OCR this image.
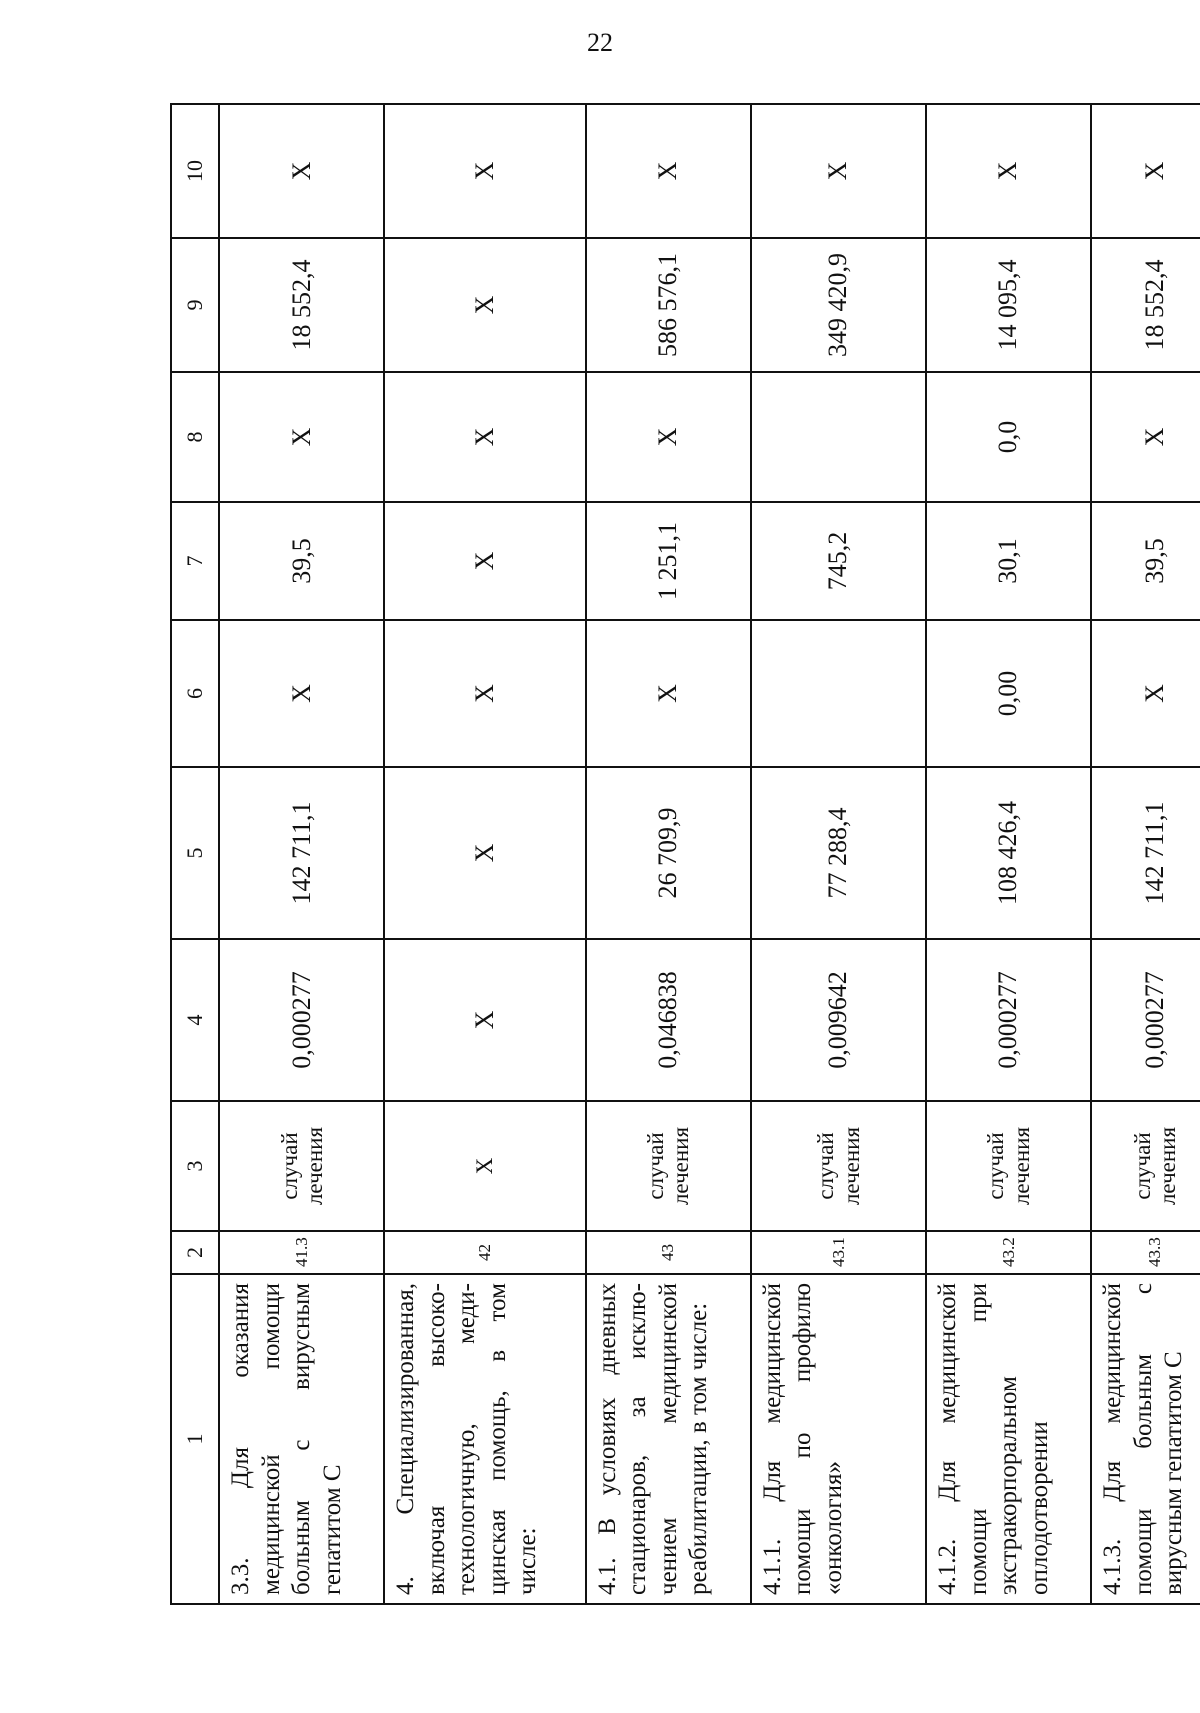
22
1	2	3	4	5	6	7	8	9	10
3.3. Для оказания медицинской помощи больным с вирусным гепатитом С	41.3	случай лечения	0,000277	142 711,1	X	39,5	X	18 552,4	X
4. Специализированная, включая высоко-технологичную, меди-цинская помощь, в том числе:	42	X	X	X	X	X	X	X	X
4.1. В условиях дневных стационаров, за исклю-чением медицинской реабилитации, в том числе:	43	случай лечения	0,046838	26 709,9	X	1 251,1	X	586 576,1	X
4.1.1. Для медицинской помощи по профилю «онкология»	43.1	случай лечения	0,009642	77 288,4		745,2		349 420,9	X
4.1.2. Для медицинской помощи при экстракорпоральном оплодотворении	43.2	случай лечения	0,000277	108 426,4	0,00	30,1	0,0	14 095,4	X
4.1.3. Для медицинской помощи больным с вирусным гепатитом С	43.3	случай лечения	0,000277	142 711,1	X	39,5	X	18 552,4	X
